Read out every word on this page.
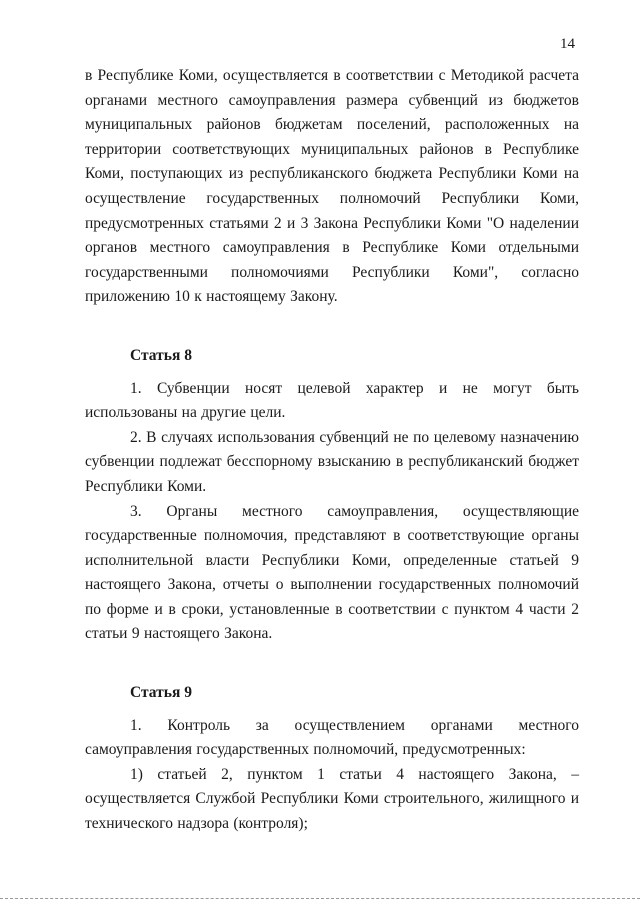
14

в Республике Коми, осуществляется в соответствии с Методикой расчета органами местного самоуправления размера субвенций из бюджетов муниципальных районов бюджетам поселений, расположенных на территории соответствующих муниципальных районов в Республике Коми, поступающих из республиканского бюджета Республики Коми на осуществление государственных полномочий Республики Коми, предусмотренных статьями 2 и 3 Закона Республики Коми "О наделении органов местного самоуправления в Республике Коми отдельными государственными полномочиями Республики Коми", согласно приложению 10 к настоящему Закону.

Статья 8

1. Субвенции носят целевой характер и не могут быть использованы на другие цели.

2. В случаях использования субвенций не по целевому назначению субвенции подлежат бесспорному взысканию в республиканский бюджет Республики Коми.

3. Органы местного самоуправления, осуществляющие государственные полномочия, представляют в соответствующие органы исполнительной власти Республики Коми, определенные статьей 9 настоящего Закона, отчеты о выполнении государственных полномочий по форме и в сроки, установленные в соответствии с пунктом 4 части 2 статьи 9 настоящего Закона.

Статья 9

1. Контроль за осуществлением органами местного самоуправления государственных полномочий, предусмотренных:

1) статьей 2, пунктом 1 статьи 4 настоящего Закона, – осуществляется Службой Республики Коми строительного, жилищного и технического надзора (контроля);
